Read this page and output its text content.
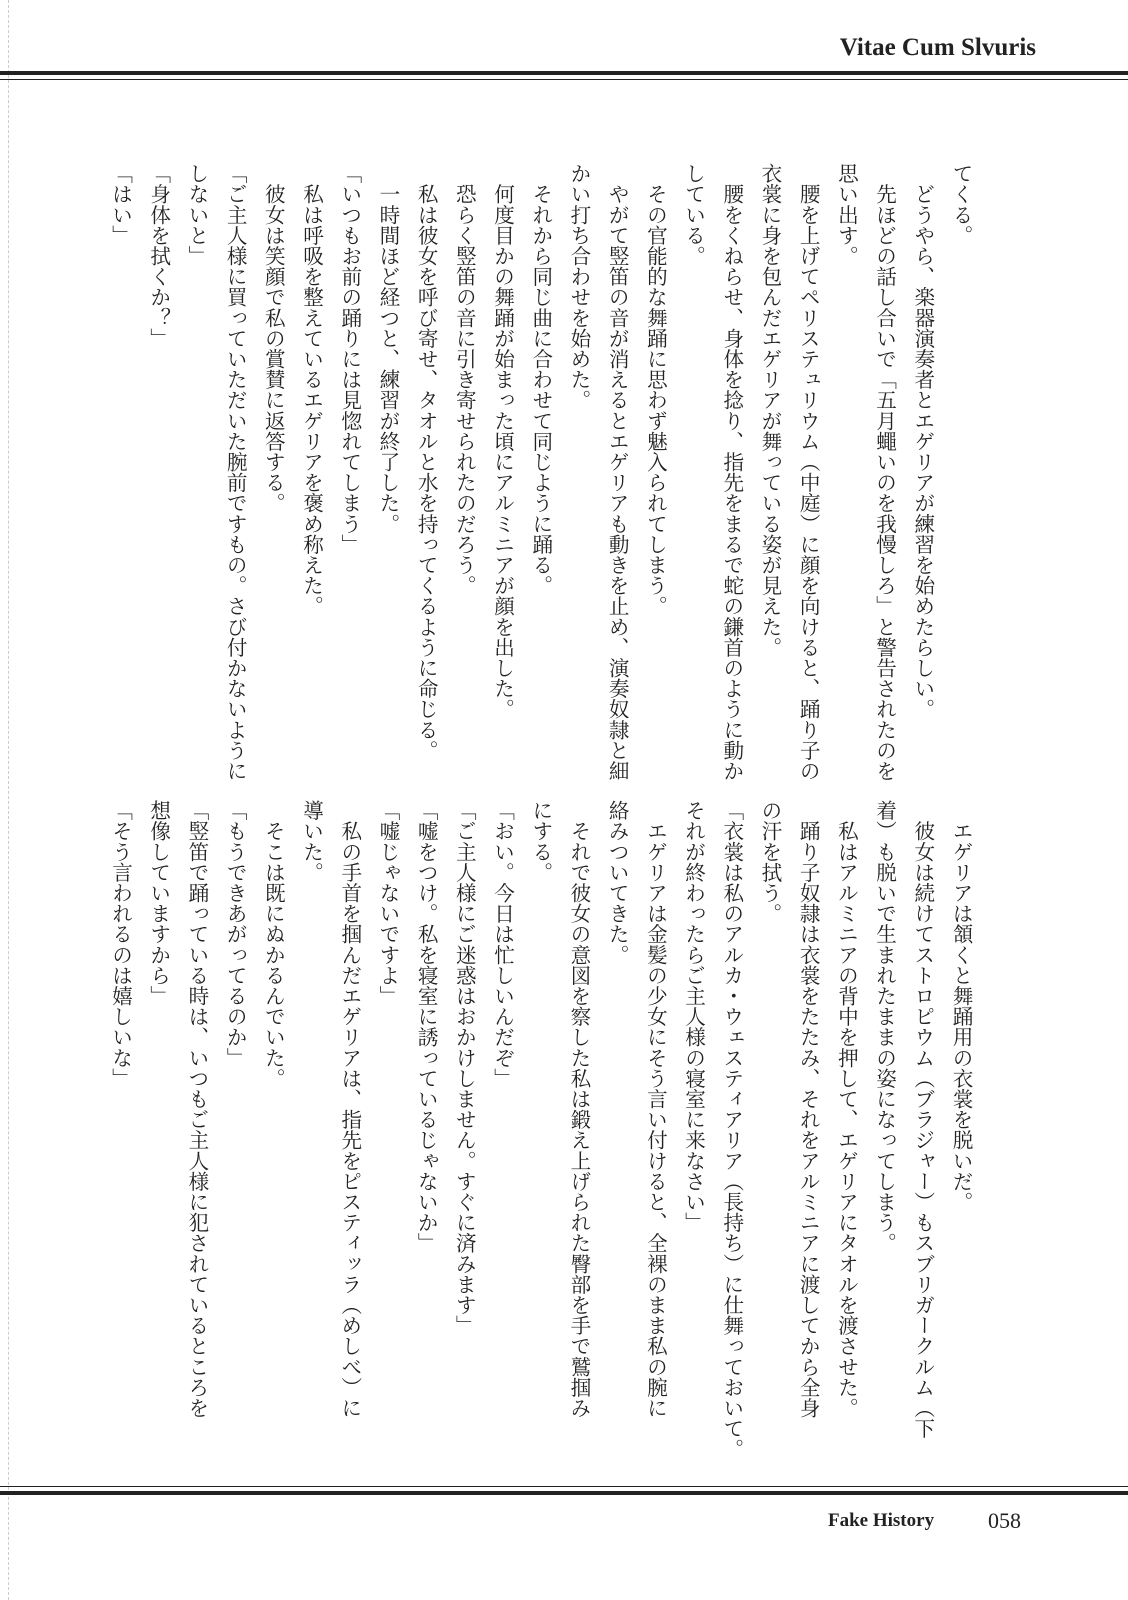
Vitae Cum Slvuris

てくる。

　どうやら、楽器演奏者とエゲリアが練習を始めたらしい。

　先ほどの話し合いで「五月蠅いのを我慢しろ」と警告されたのを

思い出す。

　腰を上げてペリステュリウム（中庭）に顔を向けると、踊り子の

衣裳に身を包んだエゲリアが舞っている姿が見えた。

　腰をくねらせ、身体を捻り、指先をまるで蛇の鎌首のように動か

している。

　その官能的な舞踊に思わず魅入られてしまう。

　やがて竪笛の音が消えるとエゲリアも動きを止め、演奏奴隷と細

かい打ち合わせを始めた。

　それから同じ曲に合わせて同じように踊る。

　何度目かの舞踊が始まった頃にアルミニアが顔を出した。

　恐らく竪笛の音に引き寄せられたのだろう。

　私は彼女を呼び寄せ、タオルと水を持ってくるように命じる。

　一時間ほど経つと、練習が終了した。

「いつもお前の踊りには見惚れてしまう」

　私は呼吸を整えているエゲリアを褒め称えた。

　彼女は笑顔で私の賞賛に返答する。

「ご主人様に買っていただいた腕前ですもの。さび付かないように

しないと」

「身体を拭くか？」

「はい」

　エゲリアは頷くと舞踊用の衣裳を脱いだ。

　彼女は続けてストロピウム（ブラジャー）もスブリガークルム（下

着）も脱いで生まれたままの姿になってしまう。

　私はアルミニアの背中を押して、エゲリアにタオルを渡させた。

　踊り子奴隷は衣裳をたたみ、それをアルミニアに渡してから全身

の汗を拭う。

「衣裳は私のアルカ・ウェスティアリア（長持ち）に仕舞っておいて。

それが終わったらご主人様の寝室に来なさい」

　エゲリアは金髪の少女にそう言い付けると、全裸のまま私の腕に

絡みついてきた。

　それで彼女の意図を察した私は鍛え上げられた臀部を手で鷲掴み

にする。

「おい。今日は忙しいんだぞ」

「ご主人様にご迷惑はおかけしません。すぐに済みます」

「嘘をつけ。私を寝室に誘っているじゃないか」

「嘘じゃないですよ」

　私の手首を掴んだエゲリアは、指先をピスティッラ（めしべ）に

導いた。

　そこは既にぬかるんでいた。

「もうできあがってるのか」

「竪笛で踊っている時は、いつもご主人様に犯されているところを

想像していますから」

「そう言われるのは嬉しいな」

Fake History 058
